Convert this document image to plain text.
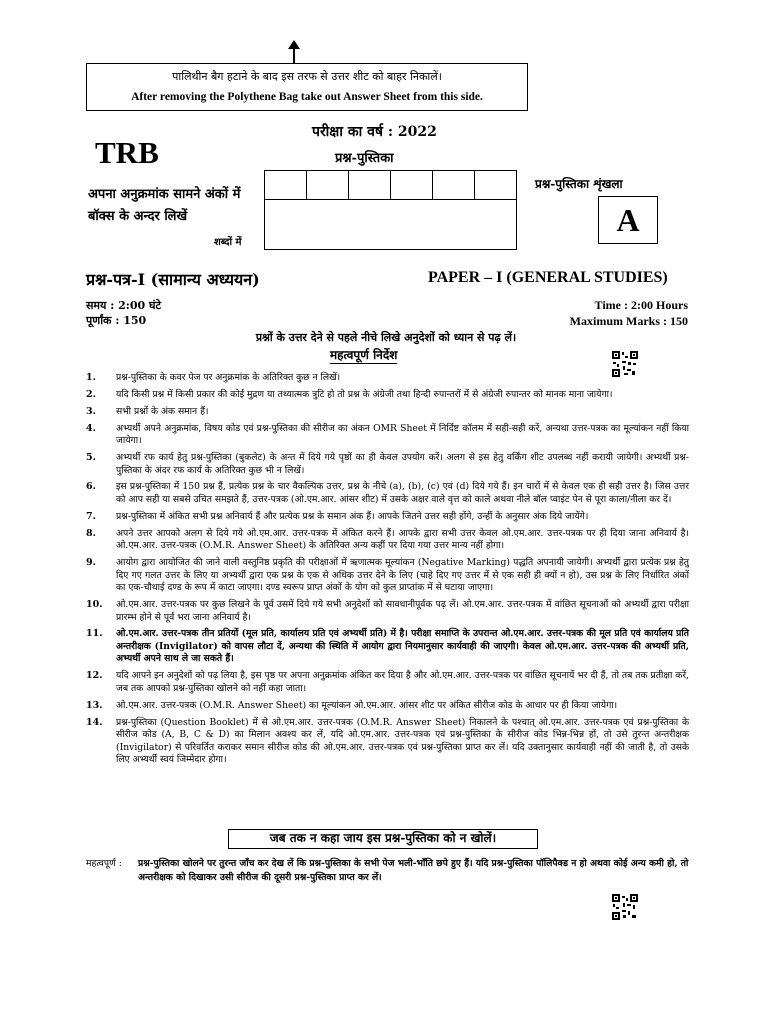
पालिथीन बैग हटाने के बाद इस तरफ से उत्तर शीट को बाहर निकालें।
After removing the Polythene Bag take out Answer Sheet from this side.
TRB
परीक्षा का वर्ष : 2022
प्रश्न-पुस्तिका
अपना अनुक्रमांक सामने अंकों में
बॉक्स के अन्दर लिखें
शब्दों में
प्रश्न-पुस्तिका शृंखला
A
प्रश्न-पत्र-I (सामान्य अध्ययन)	PAPER – I (GENERAL STUDIES)
समय : 2:00 घंटे
पूर्णांक : 150
Time : 2:00 Hours
Maximum Marks : 150
प्रश्नों के उत्तर देने से पहले नीचे लिखे अनुदेशों को ध्यान से पढ़ लें।
महत्वपूर्ण निर्देश
1.	प्रश्न-पुस्तिका के कवर पेज पर अनुक्रमांक के अतिरिक्त कुछ न लिखें।
2.	यदि किसी प्रश्न में किसी प्रकार की कोई मुद्रण या तथ्यात्मक त्रुटि हो तो प्रश्न के अंग्रेजी तथा हिन्दी रुपान्तरों में से अंग्रेजी रुपान्तर को मानक माना जायेगा।
3.	सभी प्रश्नों के अंक समान हैं।
4.	अभ्यर्थी अपने अनुक्रमांक, विषय कोड एवं प्रश्न-पुस्तिका की सीरीज का अंकन OMR Sheet में निर्दिष्ट कॉलम में सही-सही करें, अन्यथा उत्तर-पत्रक का मूल्यांकन नहीं किया जायेगा।
5.	अभ्यर्थी रफ कार्य हेतु प्रश्न-पुस्तिका (बुकलेट) के अन्त में दिये गये पृष्ठों का ही केवल उपयोग करें। अलग से इस हेतु वर्किंग शीट उपलब्ध नहीं करायी जायेगी। अभ्यर्थी प्रश्न-पुस्तिका के अंदर रफ कार्य के अतिरिक्त कुछ भी न लिखें।
6.	इस प्रश्न-पुस्तिका में 150 प्रश्न हैं, प्रत्येक प्रश्न के चार वैकल्पिक उत्तर, प्रश्न के नीचे (a), (b), (c) एवं (d) दिये गये हैं। इन चारों में से केवल एक ही सही उत्तर है। जिस उत्तर को आप सही या सबसे उचित समझते हैं, उत्तर-पत्रक (ओ.एम.आर. आंसर शीट) में उसके अक्षर वाले वृत्त को काले अथवा नीले बॉल प्वाइंट पेन से पूरा काला/नीला कर दें।
7.	प्रश्न-पुस्तिका में अंकित सभी प्रश्न अनिवार्य हैं और प्रत्येक प्रश्न के समान अंक हैं। आपके जितने उत्तर सही होंगे, उन्हीं के अनुसार अंक दिये जायेंगे।
8.	अपने उत्तर आपको अलग से दिये गये ओ.एम.आर. उत्तर-पत्रक में अंकित करने हैं। आपके द्वारा सभी उत्तर केवल ओ.एम.आर. उत्तर-पत्रक पर ही दिया जाना अनिवार्य है। ओ.एम.आर. उत्तर-पत्रक (O.M.R. Answer Sheet) के अतिरिक्त अन्य कहीं पर दिया गया उत्तर मान्य नहीं होगा।
9.	आयोग द्वारा आयोजित की जाने वाली वस्तुनिष्ठ प्रकृति की परीक्षाओं में ऋणात्मक मूल्यांकन (Negative Marking) पद्धति अपनायी जायेगी। अभ्यर्थी द्वारा प्रत्येक प्रश्न हेतु दिए गए गलत उत्तर के लिए या अभ्यर्थी द्वारा एक प्रश्न के एक से अधिक उत्तर देने के लिए (चाहे दिए गए उत्तर में से एक सही ही क्यों न हो), उस प्रश्न के लिए निर्धारित अंकों का एक-चौथाई दण्ड के रूप में काटा जाएगा। दण्ड स्वरूप प्राप्त अंकों के योग को कुल प्राप्तांक में से घटाया जाएगा।
10.	ओ.एम.आर. उत्तर-पत्रक पर कुछ लिखने के पूर्व उसमें दिये गये सभी अनुदेशों को सावधानीपूर्वक पढ़ लें। ओ.एम.आर. उत्तर-पत्रक में वांछित सूचनाओं को अभ्यर्थी द्वारा परीक्षा प्रारम्भ होने से पूर्व भरा जाना अनिवार्य है।
11.	ओ.एम.आर. उत्तर-पत्रक तीन प्रतियों (मूल प्रति, कार्यालय प्रति एवं अभ्यर्थी प्रति) में है। परीक्षा समाप्ति के उपरान्त ओ.एम.आर. उत्तर-पत्रक की मूल प्रति एवं कार्यालय प्रति अन्तरीक्षक (Invigilator) को वापस लौटा दें, अन्यथा की स्थिति में आयोग द्वारा नियमानुसार कार्यवाही की जाएगी। केवल ओ.एम.आर. उत्तर-पत्रक की अभ्यर्थी प्रति, अभ्यर्थी अपने साथ ले जा सकते हैं।
12.	यदि आपने इन अनुदेशों को पढ़ लिया है, इस पृष्ठ पर अपना अनुक्रमांक अंकित कर दिया है और ओ.एम.आर. उत्तर-पत्रक पर वांछित सूचनायें भर दी हैं, तो तब तक प्रतीक्षा करें, जब तक आपको प्रश्न-पुस्तिका खोलने को नहीं कहा जाता।
13.	ओ.एम.आर. उत्तर-पत्रक (O.M.R. Answer Sheet) का मूल्यांकन ओ.एम.आर. आंसर शीट पर अंकित सीरीज कोड के आधार पर ही किया जायेगा।
14.	प्रश्न-पुस्तिका (Question Booklet) में से ओ.एम.आर. उत्तर-पत्रक (O.M.R. Answer Sheet) निकालने के पश्चात् ओ.एम.आर. उत्तर-पत्रक एवं प्रश्न-पुस्तिका के सीरीज कोड (A, B, C & D) का मिलान अवश्य कर लें, यदि ओ.एम.आर. उत्तर-पत्रक एवं प्रश्न-पुस्तिका के सीरीज कोड भिन्न-भिन्न हों, तो उसे तुरन्त अन्तरीक्षक (Invigilator) से परिवर्तित कराकर समान सीरीज कोड की ओ.एम.आर. उत्तर-पत्रक एवं प्रश्न-पुस्तिका प्राप्त कर लें। यदि उक्तानुसार कार्यवाही नहीं की जाती है, तो उसके लिए अभ्यर्थी स्वयं जिम्मेदार होगा।
जब तक न कहा जाय इस प्रश्न-पुस्तिका को न खोलें।
महत्वपूर्ण :	प्रश्न-पुस्तिका खोलने पर तुरन्त जाँच कर देख लें कि प्रश्न-पुस्तिका के सभी पेज भली-भाँति छपे हुए हैं। यदि प्रश्न-पुस्तिका पॉलिपैक्ड न हो अथवा कोई अन्य कमी हो, तो अन्तरीक्षक को दिखाकर उसी सीरीज की दूसरी प्रश्न-पुस्तिका प्राप्त कर लें।
